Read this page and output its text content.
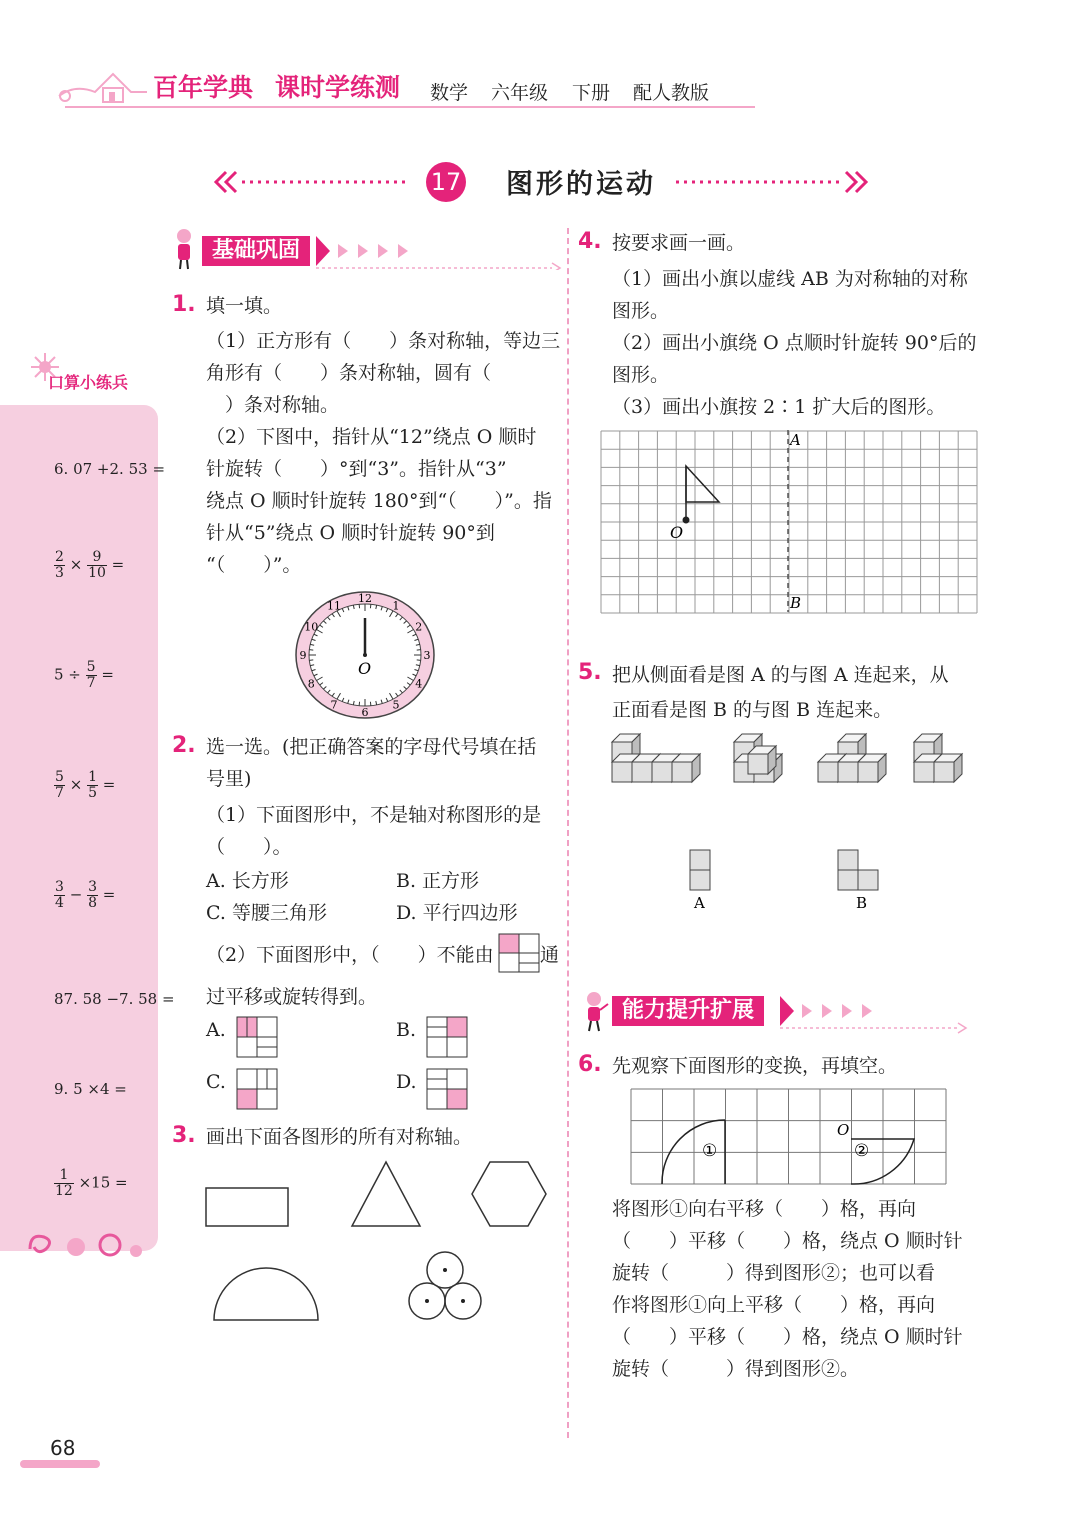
百年学典 课时学练测 数学 六年级 下册 配人教版
17 图形的运动
口算小练兵
6. 07 +2. 53 =
$\frac{2}{3} \times \frac{9}{10}$ =
$5 \div \frac{5}{7}$ =
$\frac{5}{7} \times \frac{1}{5}$ =
$\frac{3}{4} - \frac{3}{8}$ =
87. 58 −7. 58 =
9. 5 ×4 =
$\frac{1}{12} \times 15$ =
基础巩固
1. 填一填。
（1）正方形有（　　）条对称轴，等边三
角形有（　　）条对称轴，圆有（
　）条对称轴。
（2）下图中，指针从“12”绕点 O 顺时
针旋转（　　）°到“3”。指针从“3”
绕点 O 顺时针旋转 180°到“（　　）”。指
针从“5”绕点 O 顺时针旋转 90°到
“（　　）”。
O
12
1
2
3
4
5
6
7
8
9
10
11
2. 选一选。(把正确答案的字母代号填在括
号里)
（1）下面图形中，不是轴对称图形的是
（　　）。
A. 长方形	B. 正方形
C. 等腰三角形	D. 平行四边形
（2）下面图形中，（　　）不能由 通
过平移或旋转得到。
A.	B.
C.	D.
3. 画出下面各图形的所有对称轴。
4. 按要求画一画。
（1）画出小旗以虚线 AB 为对称轴的对称
图形。
（2）画出小旗绕 O 点顺时针旋转 90°后的
图形。
（3）画出小旗按 2∶1 扩大后的图形。
A
B
O
5. 把从侧面看是图 A 的与图 A 连起来，从
正面看是图 B 的与图 B 连起来。
A	B
能力提升扩展
6. 先观察下面图形的变换，再填空。
①	②
O
将图形①向右平移（　　）格，再向
（　　）平移（　　）格，绕点 O 顺时针
旋转（　　　）得到图形②；也可以看
作将图形①向上平移（　　）格，再向
（　　）平移（　　）格，绕点 O 顺时针
旋转（　　　）得到图形②。
68
